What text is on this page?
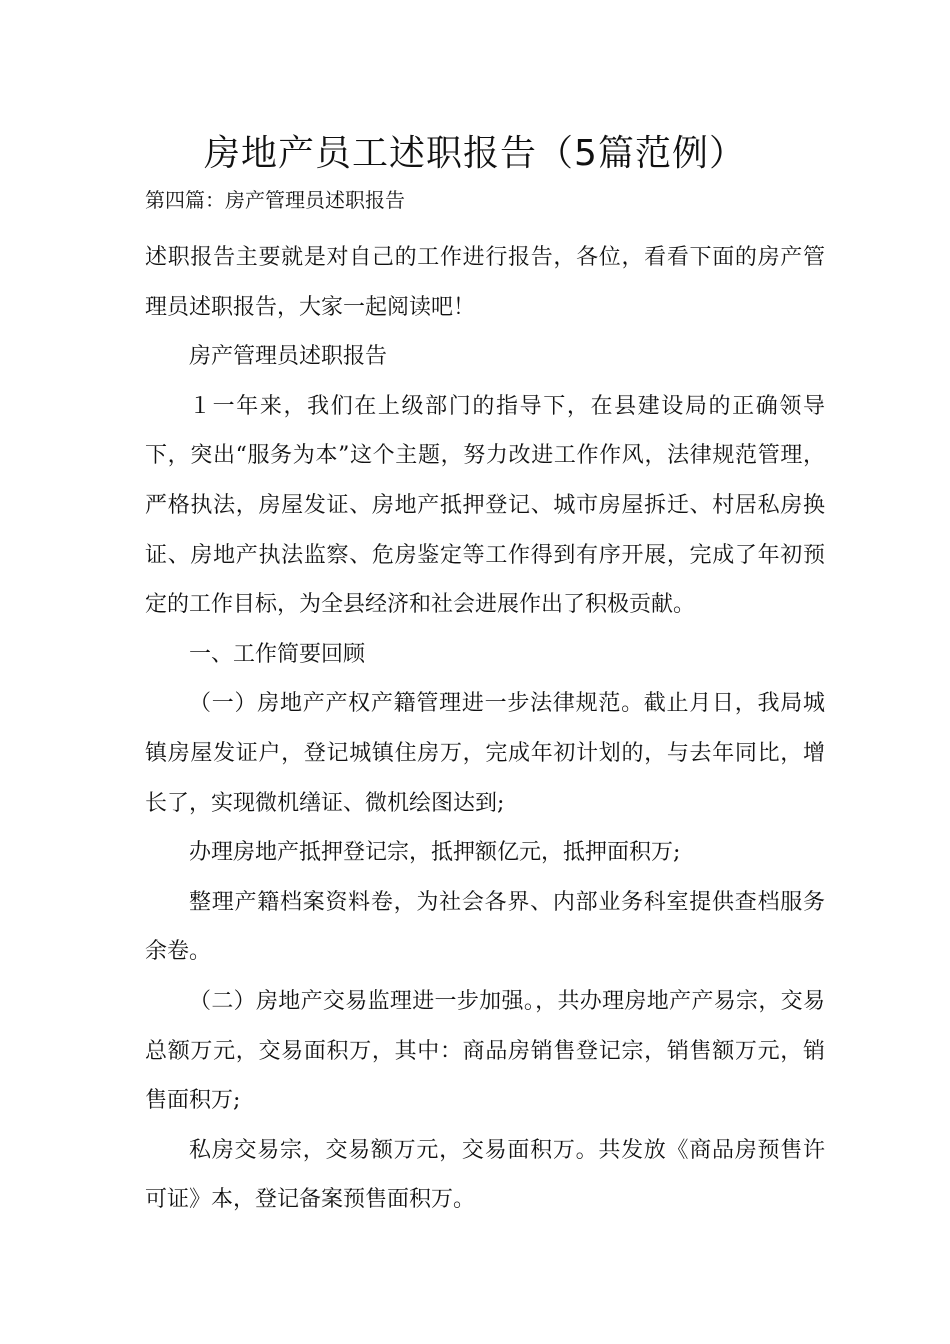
房地产员工述职报告（5篇范例）

第四篇：房产管理员述职报告

述职报告主要就是对自己的工作进行报告，各位，看看下面的房产管理员述职报告，大家一起阅读吧！

房产管理员述职报告

１一年来，我们在上级部门的指导下，在县建设局的正确领导下，突出“服务为本”这个主题，努力改进工作作风，法律规范管理，严格执法，房屋发证、房地产抵押登记、城市房屋拆迁、村居私房换证、房地产执法监察、危房鉴定等工作得到有序开展，完成了年初预定的工作目标，为全县经济和社会进展作出了积极贡献。

一、工作简要回顾

（一）房地产产权产籍管理进一步法律规范。截止月日，我局城镇房屋发证户，登记城镇住房万，完成年初计划的，与去年同比，增长了，实现微机缮证、微机绘图达到;

办理房地产抵押登记宗，抵押额亿元，抵押面积万;

整理产籍档案资料卷，为社会各界、内部业务科室提供查档服务余卷。

（二）房地产交易监理进一步加强。，共办理房地产产易宗，交易总额万元，交易面积万，其中：商品房销售登记宗，销售额万元，销售面积万;

私房交易宗，交易额万元，交易面积万。共发放《商品房预售许可证》本，登记备案预售面积万。
